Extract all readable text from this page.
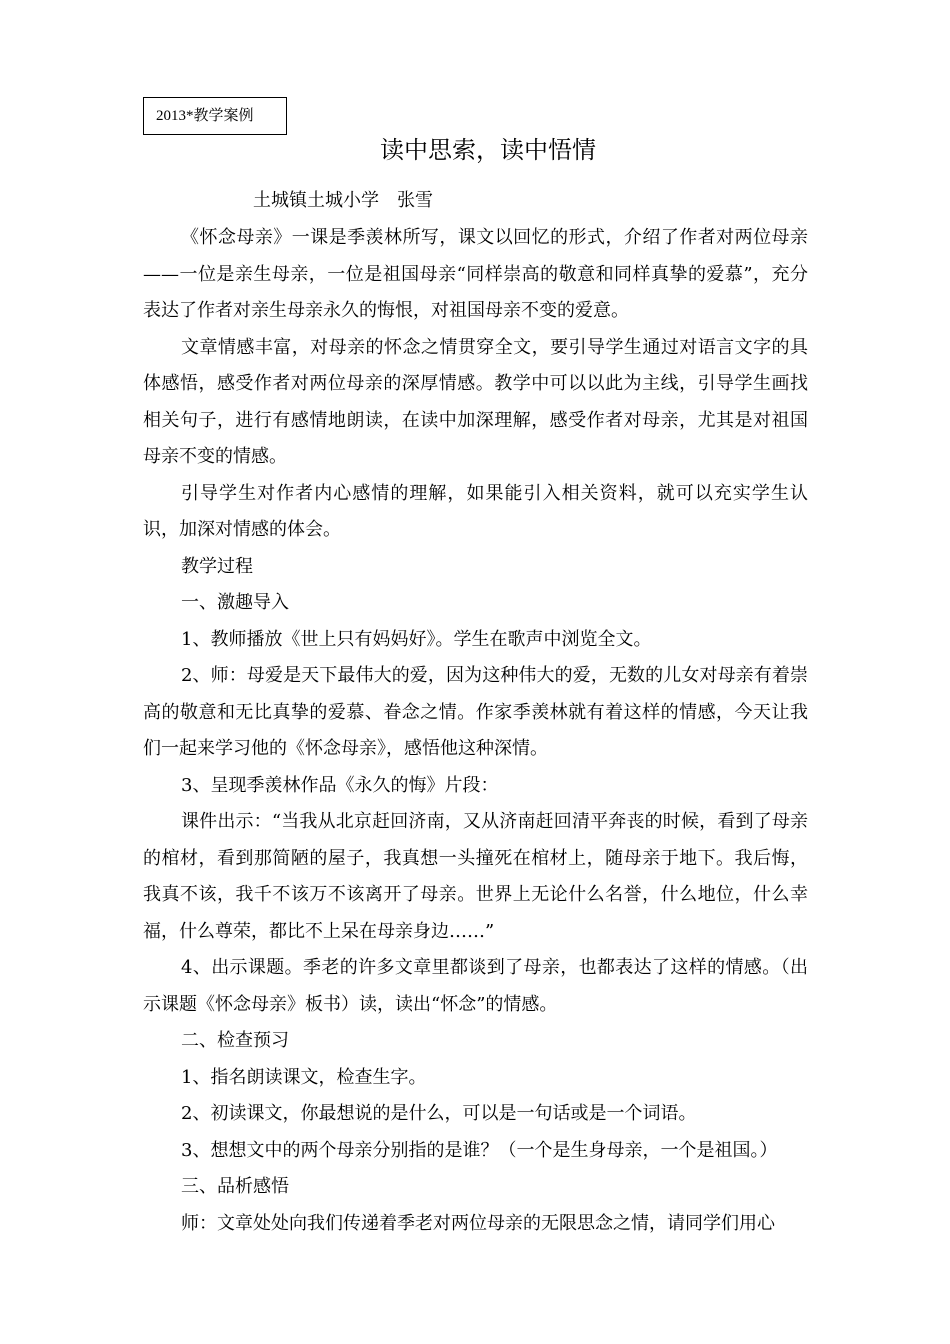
2013*教学案例
读中思索，读中悟情
土城镇土城小学　张雪

《怀念母亲》一课是季羡林所写，课文以回忆的形式，介绍了作者对两位母亲——一位是亲生母亲，一位是祖国母亲“同样崇高的敬意和同样真挚的爱慕”，充分表达了作者对亲生母亲永久的悔恨，对祖国母亲不变的爱意。

文章情感丰富，对母亲的怀念之情贯穿全文，要引导学生通过对语言文字的具体感悟，感受作者对两位母亲的深厚情感。教学中可以以此为主线，引导学生画找相关句子，进行有感情地朗读，在读中加深理解，感受作者对母亲，尤其是对祖国母亲不变的情感。

引导学生对作者内心感情的理解，如果能引入相关资料，就可以充实学生认识，加深对情感的体会。

教学过程

一、激趣导入

1、教师播放《世上只有妈妈好》。学生在歌声中浏览全文。

2、师：母爱是天下最伟大的爱，因为这种伟大的爱，无数的儿女对母亲有着崇高的敬意和无比真挚的爱慕、眷念之情。作家季羡林就有着这样的情感，今天让我们一起来学习他的《怀念母亲》，感悟他这种深情。

3、呈现季羡林作品《永久的悔》片段：

课件出示：“当我从北京赶回济南，又从济南赶回清平奔丧的时候，看到了母亲的棺材，看到那简陋的屋子，我真想一头撞死在棺材上，随母亲于地下。我后悔，我真不该，我千不该万不该离开了母亲。世界上无论什么名誉，什么地位，什么幸福，什么尊荣，都比不上呆在母亲身边……”

4、出示课题。季老的许多文章里都谈到了母亲，也都表达了这样的情感。（出示课题《怀念母亲》板书）读，读出“怀念”的情感。

二、检查预习

1、指名朗读课文，检查生字。

2、初读课文，你最想说的是什么，可以是一句话或是一个词语。

3、想想文中的两个母亲分别指的是谁？（一个是生身母亲，一个是祖国。）

三、品析感悟

师：文章处处向我们传递着季老对两位母亲的无限思念之情，请同学们用心
